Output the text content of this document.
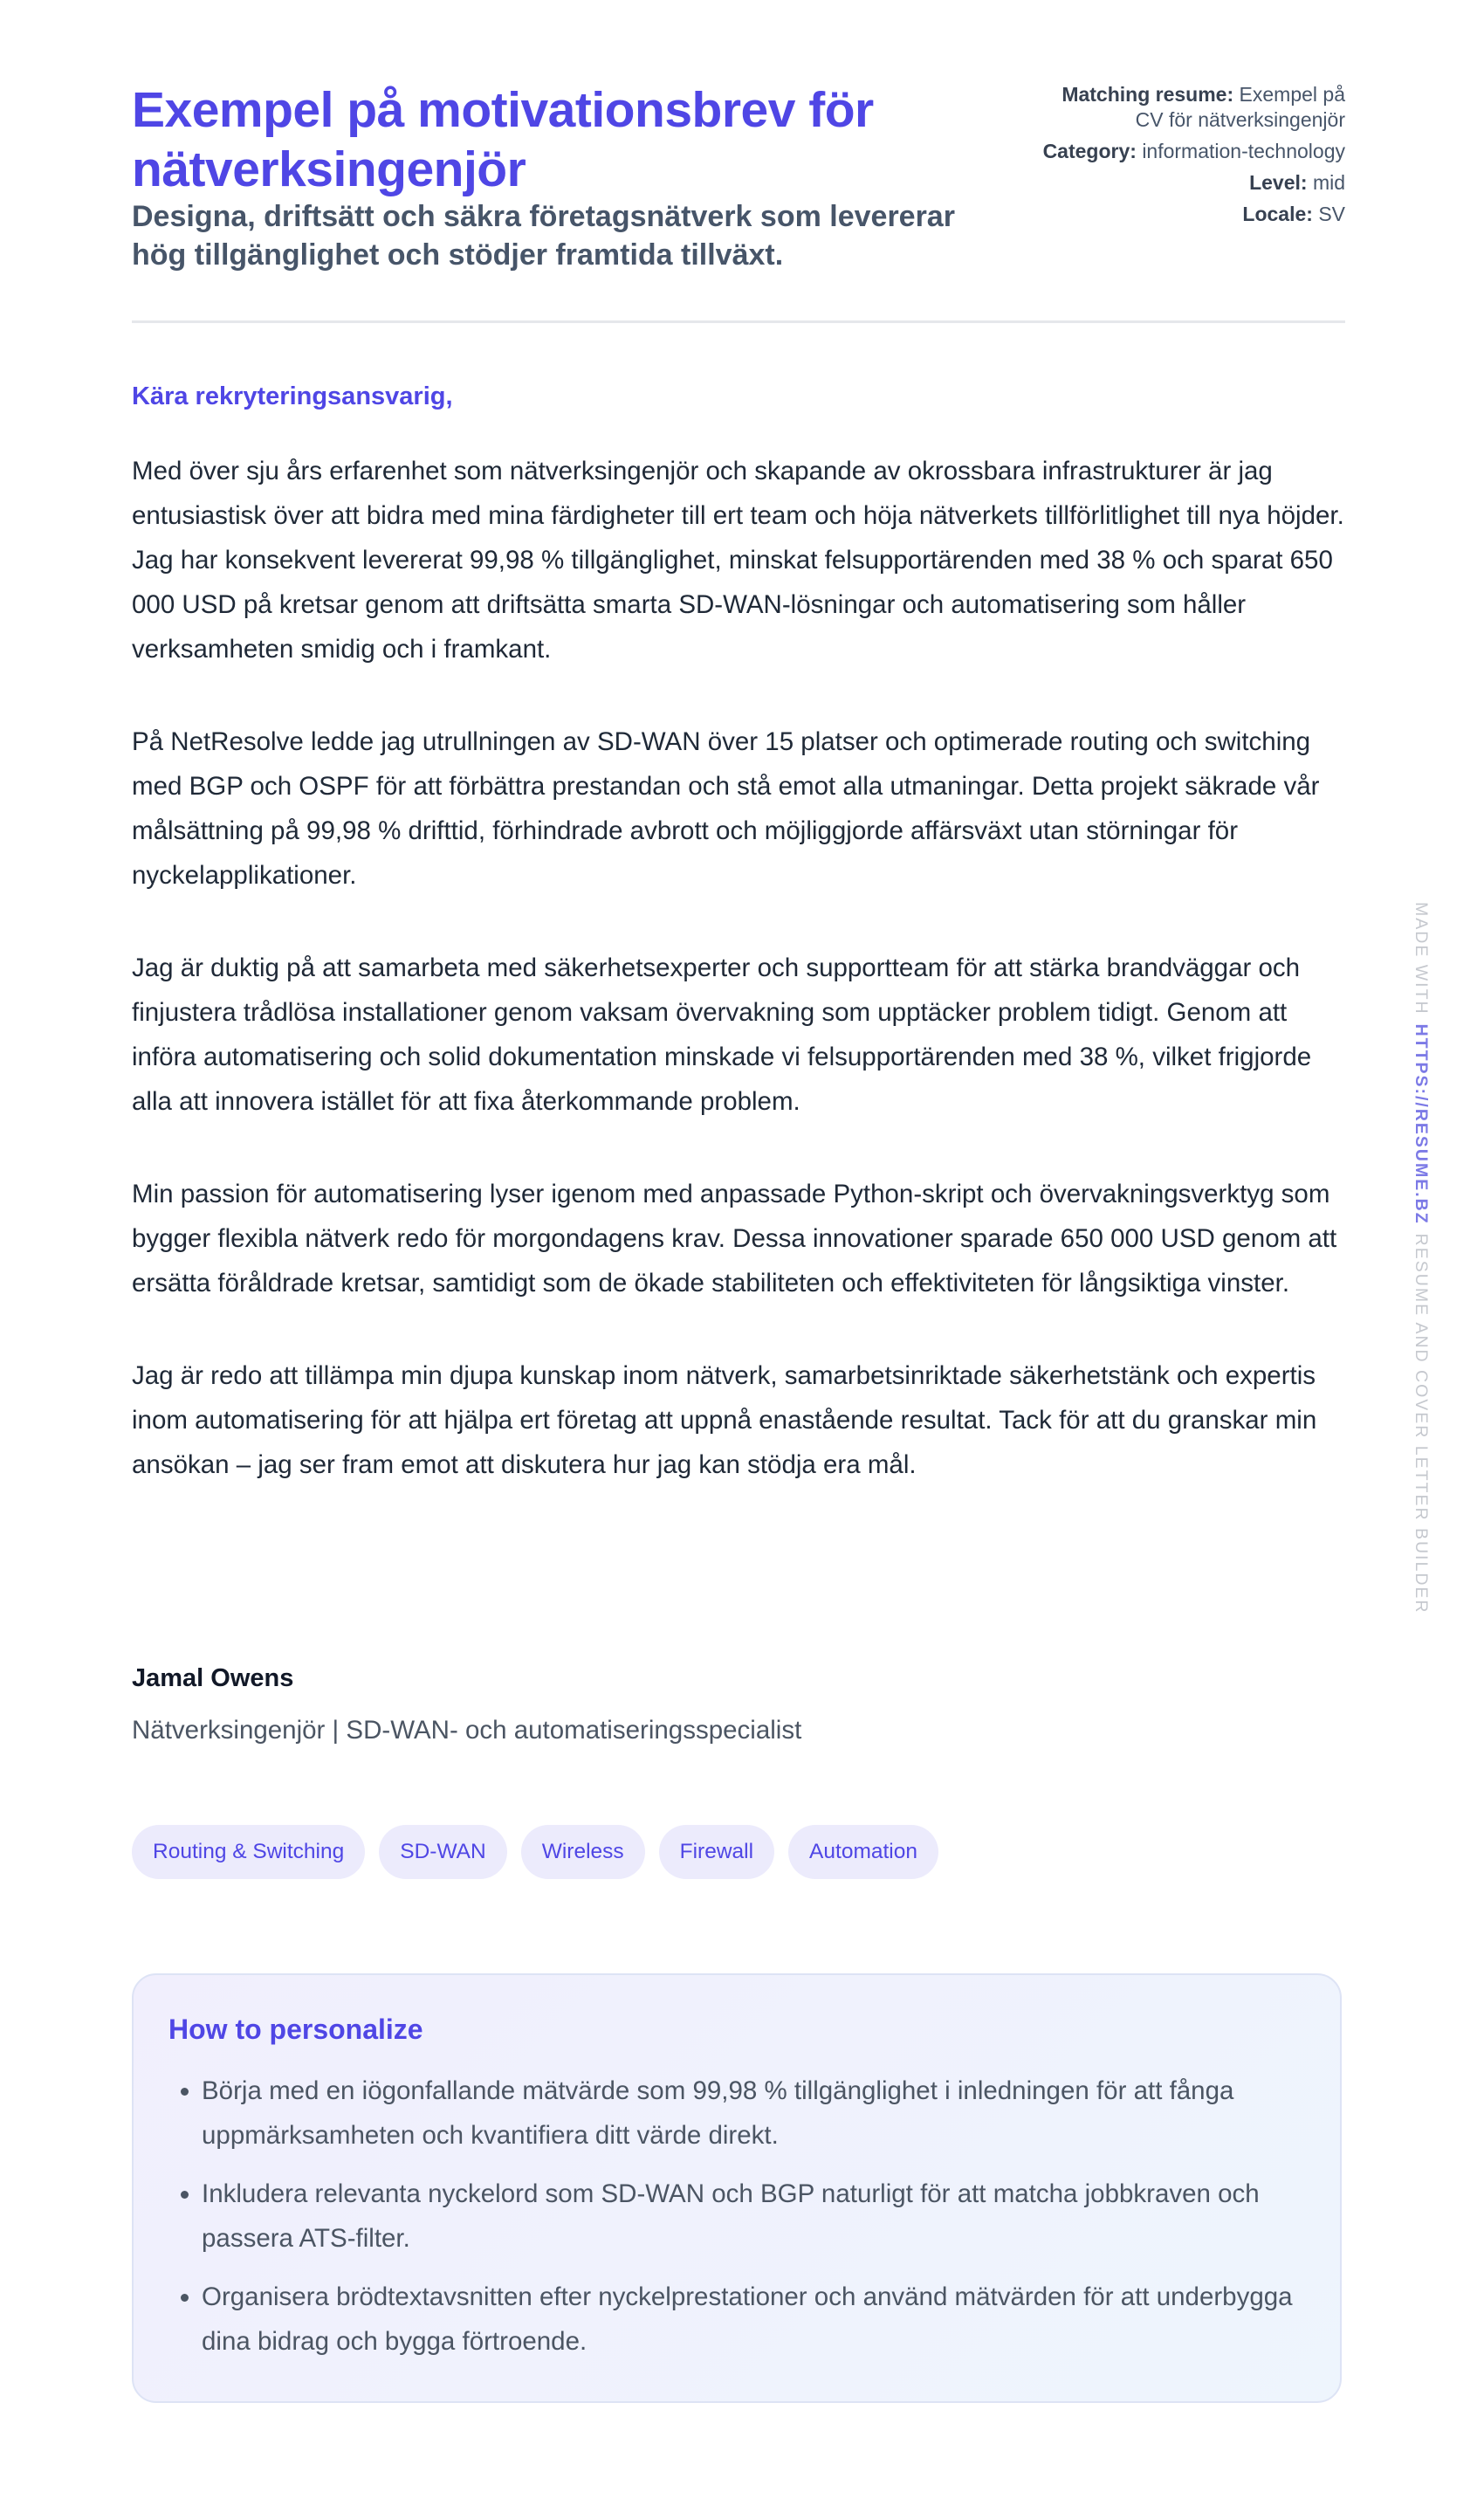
Exempel på motivationsbrev för nätverksingenjör
Designa, driftsätt och säkra företagsnätverk som levererar hög tillgänglighet och stödjer framtida tillväxt.
Matching resume: Exempel på CV för nätverksingenjör
Category: information-technology
Level: mid
Locale: SV
Kära rekryteringsansvarig,

Med över sju års erfarenhet som nätverksingenjör och skapande av okrossbara infrastrukturer är jag entusiastisk över att bidra med mina färdigheter till ert team och höja nätverkets tillförlitlighet till nya höjder. Jag har konsekvent levererat 99,98 % tillgänglighet, minskat felsupportärenden med 38 % och sparat 650 000 USD på kretsar genom att driftsätta smarta SD-WAN-lösningar och automatisering som håller verksamheten smidig och i framkant.

På NetResolve ledde jag utrullningen av SD-WAN över 15 platser och optimerade routing och switching med BGP och OSPF för att förbättra prestandan och stå emot alla utmaningar. Detta projekt säkrade vår målsättning på 99,98 % drifttid, förhindrade avbrott och möjliggjorde affärsväxt utan störningar för nyckelapplikationer.

Jag är duktig på att samarbeta med säkerhetsexperter och supportteam för att stärka brandväggar och finjustera trådlösa installationer genom vaksam övervakning som upptäcker problem tidigt. Genom att införa automatisering och solid dokumentation minskade vi felsupportärenden med 38 %, vilket frigjorde alla att innovera istället för att fixa återkommande problem.

Min passion för automatisering lyser igenom med anpassade Python-skript och övervakningsverktyg som bygger flexibla nätverk redo för morgondagens krav. Dessa innovationer sparade 650 000 USD genom att ersätta föråldrade kretsar, samtidigt som de ökade stabiliteten och effektiviteten för långsiktiga vinster.

Jag är redo att tillämpa min djupa kunskap inom nätverk, samarbetsinriktade säkerhetstänk och expertis inom automatisering för att hjälpa ert företag att uppnå enastående resultat. Tack för att du granskar min ansökan – jag ser fram emot att diskutera hur jag kan stödja era mål.

Jamal Owens
Nätverksingenjör | SD-WAN- och automatiseringsspecialist
Routing & Switching	SD-WAN	Wireless	Firewall	Automation
How to personalize
• Börja med en iögonfallande mätvärde som 99,98 % tillgänglighet i inledningen för att fånga uppmärksamheten och kvantifiera ditt värde direkt.
• Inkludera relevanta nyckelord som SD-WAN och BGP naturligt för att matcha jobbkraven och passera ATS-filter.
• Organisera brödtextavsnitten efter nyckelprestationer och använd mätvärden för att underbygga dina bidrag och bygga förtroende.
MADE WITHHTTPS://RESUME.BZRESUME AND COVER LETTER BUILDER
